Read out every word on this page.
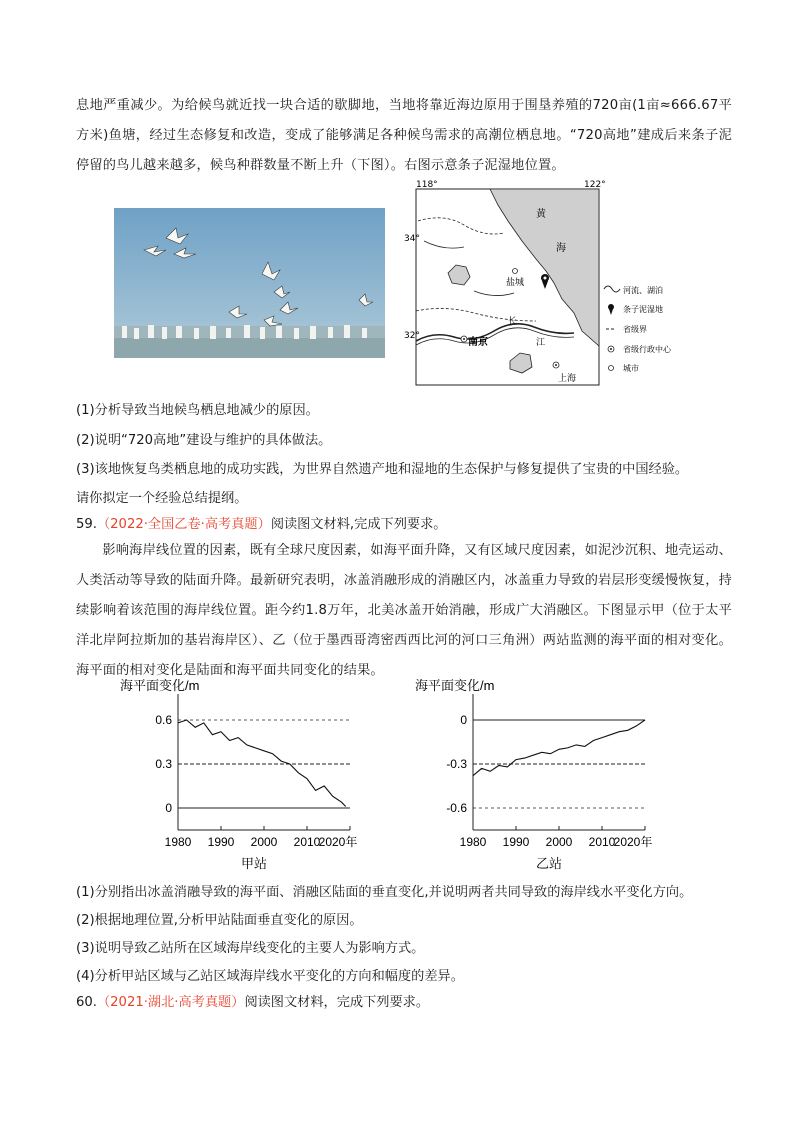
息地严重减少。为给候鸟就近找一块合适的歇脚地，当地将靠近海边原用于围垦养殖的720亩(1亩≈666.67平方米)鱼塘，经过生态修复和改造，变成了能够满足各种候鸟需求的高潮位栖息地。“720高地”建成后来条子泥停留的鸟儿越来越多，候鸟种群数量不断上升（下图）。右图示意条子泥湿地位置。

118°	122°
34°
32°
黄
海
盐城
南京
长
江
上海
河流、湖泊
条子泥湿地
省级界
省级行政中心
城市
(1)分析导致当地候鸟栖息地减少的原因。
(2)说明“720高地”建设与维护的具体做法。
(3)该地恢复鸟类栖息地的成功实践，为世界自然遗产地和湿地的生态保护与修复提供了宝贵的中国经验。
请你拟定一个经验总结提纲。
59.（2022·全国乙卷·高考真题）阅读图文材料,完成下列要求。

影响海岸线位置的因素，既有全球尺度因素，如海平面升降，又有区域尺度因素，如泥沙沉积、地壳运动、人类活动等导致的陆面升降。最新研究表明，冰盖消融形成的消融区内，冰盖重力导致的岩层形变缓慢恢复，持续影响着该范围的海岸线位置。距今约1.8万年，北美冰盖开始消融，形成广大消融区。下图显示甲（位于太平洋北岸阿拉斯加的基岩海岸区）、乙（位于墨西哥湾密西西比河的河口三角洲）两站监测的海平面的相对变化。海平面的相对变化是陆面和海平面共同变化的结果。

海平面变化/m
0.6
0.3
0
1980 1990 2000 2010
2020年
甲站
海平面变化/m
0
-0.3
-0.6
1980 1990 2000 2010
2020年
乙站
(1)分别指出冰盖消融导致的海平面、消融区陆面的垂直变化,并说明两者共同导致的海岸线水平变化方向。
(2)根据地理位置,分析甲站陆面垂直变化的原因。
(3)说明导致乙站所在区域海岸线变化的主要人为影响方式。
(4)分析甲站区域与乙站区域海岸线水平变化的方向和幅度的差异。
60.（2021·湖北·高考真题）阅读图文材料，完成下列要求。
